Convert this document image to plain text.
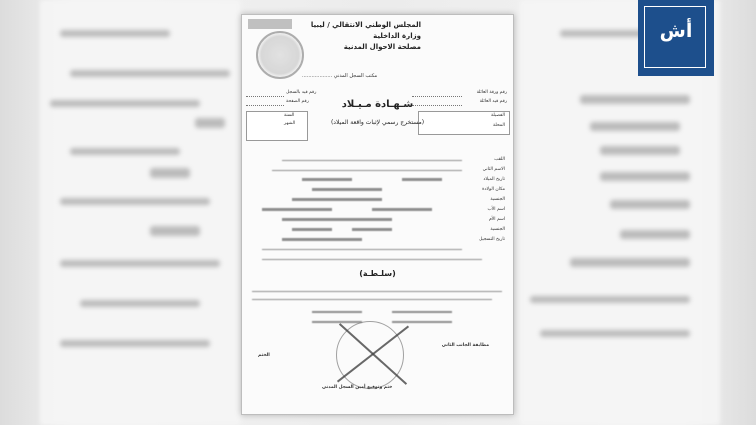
المجلس الوطني الانتقالي / ليبيا
وزارة الداخلية
مصلحة الاحوال المدنية
مكتب السجل المدني ...................
رقم قيد بالسجل
رقم الصفحة
السنة
الشهر
رقم ورقة العائلة
رقم قيد العائلة
الفصيلة
المحلة
شـهـادة مـيـلاد
(مستخرج رسمي لإثبات واقعة الميلاد)
اللقب
الاسم الثاني
تاريخ الميلاد
مكان الولادة
الجنسية
اسم الأب
اسم الأم
الجنسية
تاريخ التسجيل
(سلـطـة)
مطابقة الجانب الثاني
الختم
ختم وتوقيع أمين السجل المدني
أش
